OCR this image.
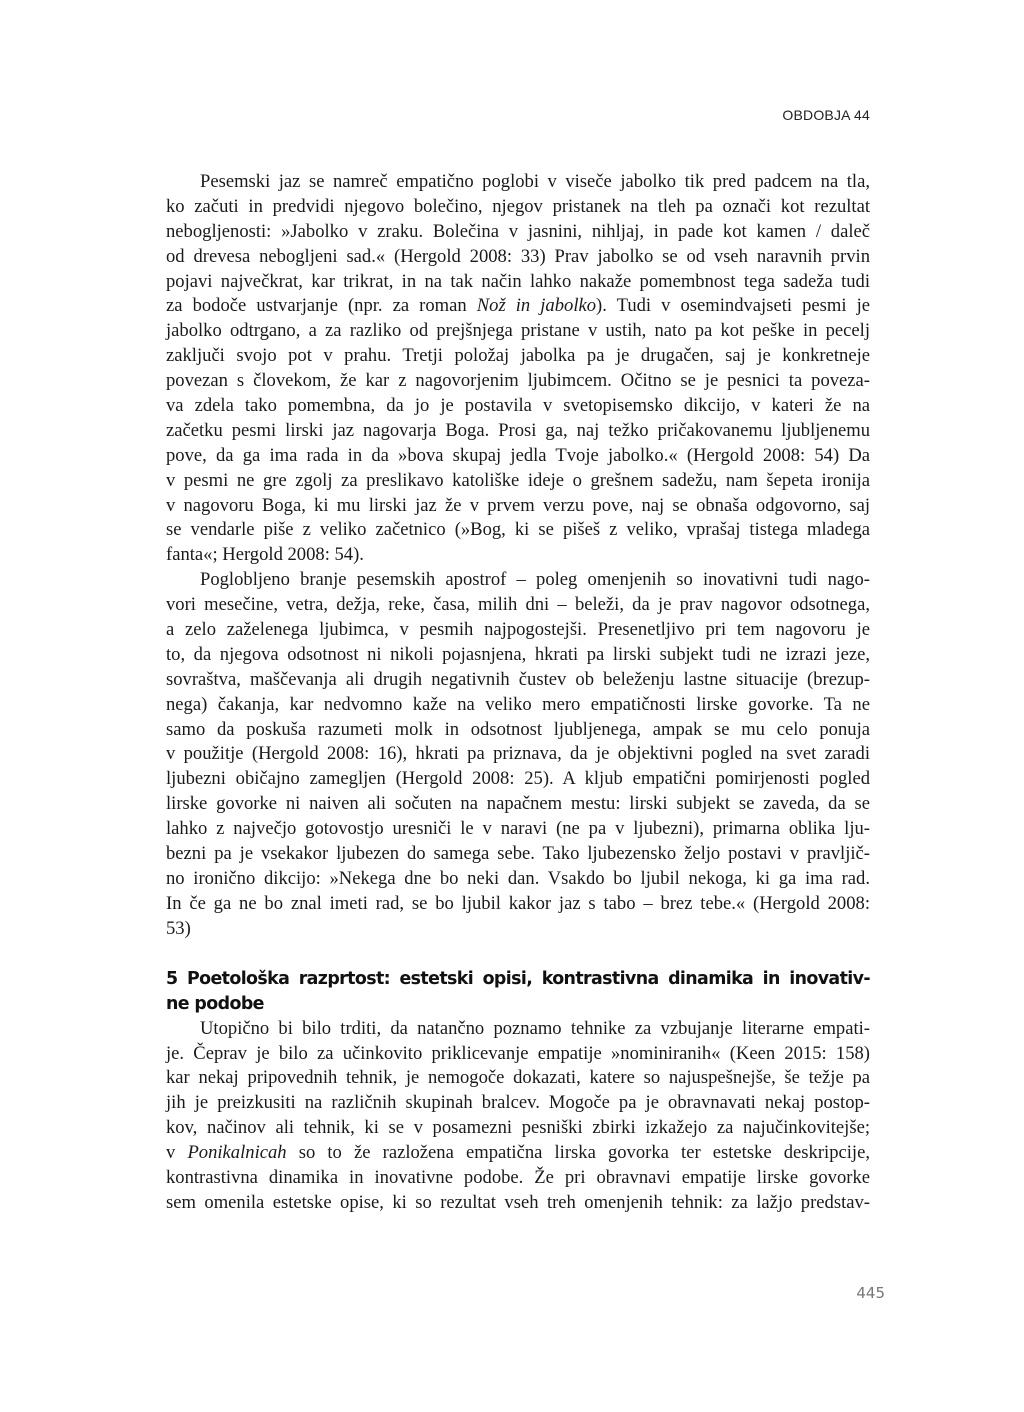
OBDOBJA 44
Pesemski jaz se namreč empatično poglobi v viseče jabolko tik pred padcem na tla,
ko začuti in predvidi njegovo bolečino, njegov pristanek na tleh pa označi kot rezultat
nebogljenosti: »Jabolko v zraku. Bolečina v jasnini, nihljaj, in pade kot kamen / daleč
od drevesa nebogljeni sad.« (Hergold 2008: 33) Prav jabolko se od vseh naravnih prvin
pojavi največkrat, kar trikrat, in na tak način lahko nakaže pomembnost tega sadeža tudi
za bodoče ustvarjanje (npr. za roman Nož in jabolko). Tudi v osemindvajseti pesmi je
jabolko odtrgano, a za razliko od prejšnjega pristane v ustih, nato pa kot peške in pecelj
zaključi svojo pot v prahu. Tretji položaj jabolka pa je drugačen, saj je konkretneje
povezan s človekom, že kar z nagovorjenim ljubimcem. Očitno se je pesnici ta poveza-
va zdela tako pomembna, da jo je postavila v svetopisemsko dikcijo, v kateri že na
začetku pesmi lirski jaz nagovarja Boga. Prosi ga, naj težko pričakovanemu ljubljenemu
pove, da ga ima rada in da »bova skupaj jedla Tvoje jabolko.« (Hergold 2008: 54) Da
v pesmi ne gre zgolj za preslikavo katoliške ideje o grešnem sadežu, nam šepeta ironija
v nagovoru Boga, ki mu lirski jaz že v prvem verzu pove, naj se obnaša odgovorno, saj
se vendarle piše z veliko začetnico (»Bog, ki se pišeš z veliko, vprašaj tistega mladega
fanta«; Hergold 2008: 54).
Poglobljeno branje pesemskih apostrof – poleg omenjenih so inovativni tudi nago-
vori mesečine, vetra, dežja, reke, časa, milih dni – beleži, da je prav nagovor odsotnega,
a zelo zaželenega ljubimca, v pesmih najpogostejši. Presenetljivo pri tem nagovoru je
to, da njegova odsotnost ni nikoli pojasnjena, hkrati pa lirski subjekt tudi ne izrazi jeze,
sovraštva, maščevanja ali drugih negativnih čustev ob beleženju lastne situacije (brezup-
nega) čakanja, kar nedvomno kaže na veliko mero empatičnosti lirske govorke. Ta ne
samo da poskuša razumeti molk in odsotnost ljubljenega, ampak se mu celo ponuja
v použitje (Hergold 2008: 16), hkrati pa priznava, da je objektivni pogled na svet zaradi
ljubezni običajno zamegljen (Hergold 2008: 25). A kljub empatični pomirjenosti pogled
lirske govorke ni naiven ali sočuten na napačnem mestu: lirski subjekt se zaveda, da se
lahko z največjo gotovostjo uresniči le v naravi (ne pa v ljubezni), primarna oblika lju-
bezni pa je vsekakor ljubezen do samega sebe. Tako ljubezensko željo postavi v pravljič-
no ironično dikcijo: »Nekega dne bo neki dan. Vsakdo bo ljubil nekoga, ki ga ima rad.
In če ga ne bo znal imeti rad, se bo ljubil kakor jaz s tabo – brez tebe.« (Hergold 2008:
53)
5 Poetološka razprtost: estetski opisi, kontrastivna dinamika in inovativ-
ne podobe
Utopično bi bilo trditi, da natančno poznamo tehnike za vzbujanje literarne empati-
je. Čeprav je bilo za učinkovito priklicevanje empatije »nominiranih« (Keen 2015: 158)
kar nekaj pripovednih tehnik, je nemogoče dokazati, katere so najuspešnejše, še težje pa
jih je preizkusiti na različnih skupinah bralcev. Mogoče pa je obravnavati nekaj postop-
kov, načinov ali tehnik, ki se v posamezni pesniški zbirki izkažejo za najučinkovitejše;
v Ponikalnicah so to že razložena empatična lirska govorka ter estetske deskripcije,
kontrastivna dinamika in inovativne podobe. Že pri obravnavi empatije lirske govorke
sem omenila estetske opise, ki so rezultat vseh treh omenjenih tehnik: za lažjo predstav-
445
